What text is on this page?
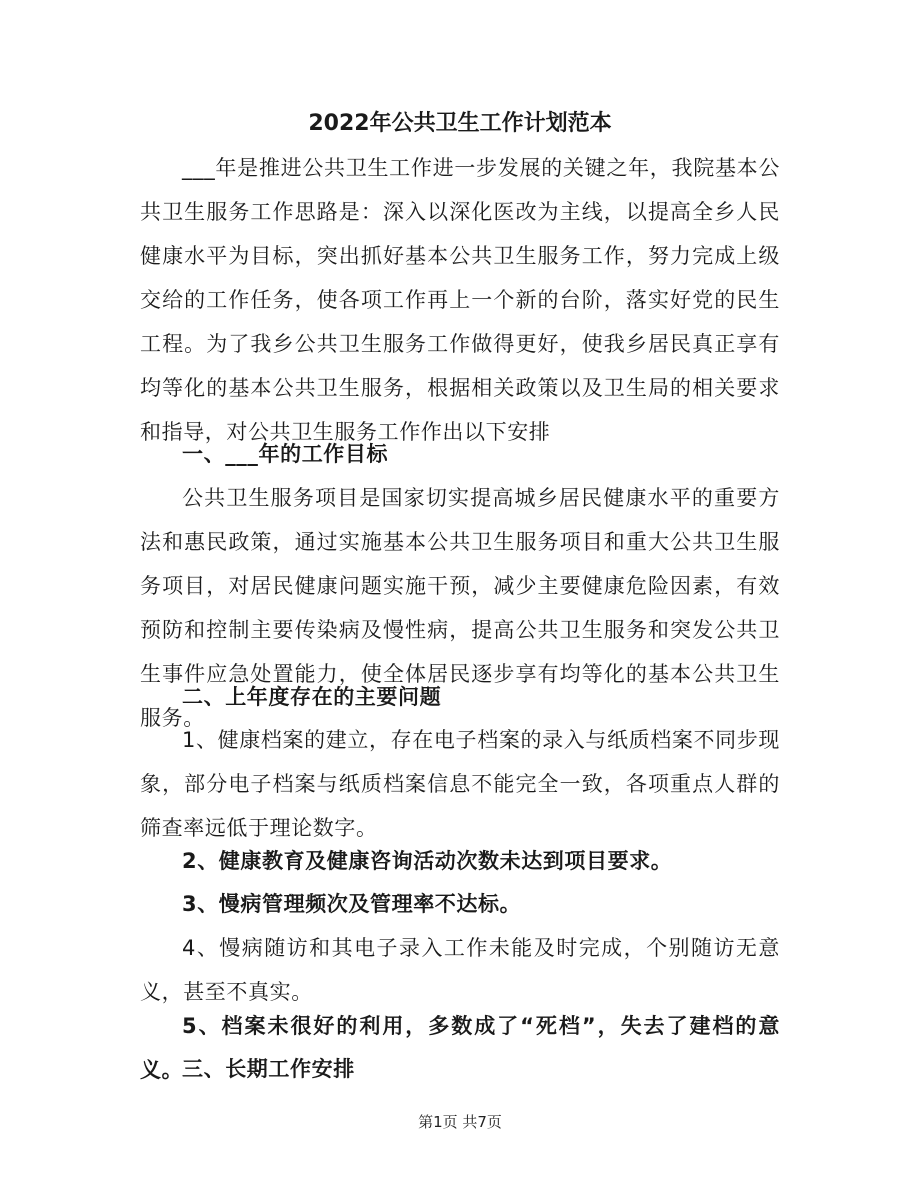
2022年公共卫生工作计划范本

___年是推进公共卫生工作进一步发展的关键之年，我院基本公共卫生服务工作思路是：深入以深化医改为主线，以提高全乡人民健康水平为目标，突出抓好基本公共卫生服务工作，努力完成上级交给的工作任务，使各项工作再上一个新的台阶，落实好党的民生工程。为了我乡公共卫生服务工作做得更好，使我乡居民真正享有均等化的基本公共卫生服务，根据相关政策以及卫生局的相关要求和指导，对公共卫生服务工作作出以下安排

一、___年的工作目标

公共卫生服务项目是国家切实提高城乡居民健康水平的重要方法和惠民政策，通过实施基本公共卫生服务项目和重大公共卫生服务项目，对居民健康问题实施干预，减少主要健康危险因素，有效预防和控制主要传染病及慢性病，提高公共卫生服务和突发公共卫生事件应急处置能力，使全体居民逐步享有均等化的基本公共卫生服务。

二、上年度存在的主要问题

1、健康档案的建立，存在电子档案的录入与纸质档案不同步现象，部分电子档案与纸质档案信息不能完全一致，各项重点人群的筛查率远低于理论数字。

2、健康教育及健康咨询活动次数未达到项目要求。

3、慢病管理频次及管理率不达标。

4、慢病随访和其电子录入工作未能及时完成，个别随访无意义，甚至不真实。

5、档案未很好的利用，多数成了“死档”，失去了建档的意义。

三、长期工作安排

第1页 共7页
